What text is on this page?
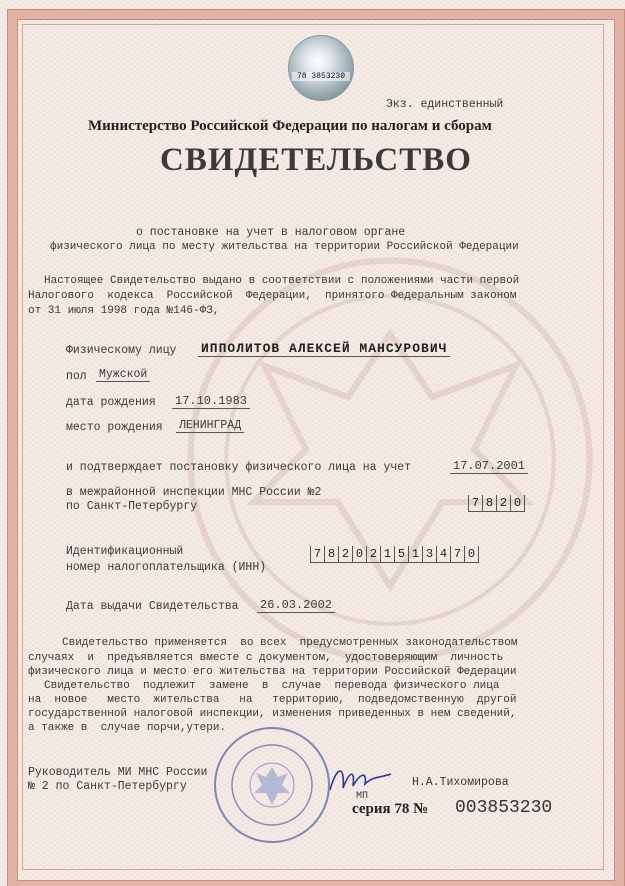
78 3853230
Экз. единственный
Министерство Российской Федерации по налогам и сборам
СВИДЕТЕЛЬСТВО
о постановке на учет в налоговом органе
физического лица по месту жительства на территории Российской Федерации
Настоящее Свидетельство выдано в соответствии с положениями части первой
Налогового  кодекса  Российской  Федерации,  принятого Федеральным законом
от 31 июля 1998 года №146-ФЗ,
Физическому лицу ИППОЛИТОВ АЛЕКСЕЙ МАНСУРОВИЧ
пол Мужской
дата рождения 17.10.1983
место рождения ЛЕНИНГРАД
и подтверждает постановку физического лица на учет	17.07.2001
в межрайонной инспекции МНС России №2
по Санкт-Петербургу	7 8 2 0
Идентификационный
номер налогоплательщика (ИНН)
7 8 2 0 2 1 5 1 3 4 7 0
Дата выдачи Свидетельства 26.03.2002
Свидетельство применяется  во всех  предусмотренных законодательством
случаях  и  предъявляется вместе с документом,  удостоверяющим  личность
физического лица и место его жительства на территории Российской Федерации
Свидетельство  подлежит  замене  в  случае  перевода физического лица
на  новое   место  жительства   на   территорию,  подведомственную  другой
государственной налоговой инспекции, изменения приведенных в нем сведений,
а также в  случае порчи,утери.
Руководитель МИ МНС России
№ 2 по Санкт-Петербургу	Н.А.Тихомирова
МП
серия 78 № 003853230
